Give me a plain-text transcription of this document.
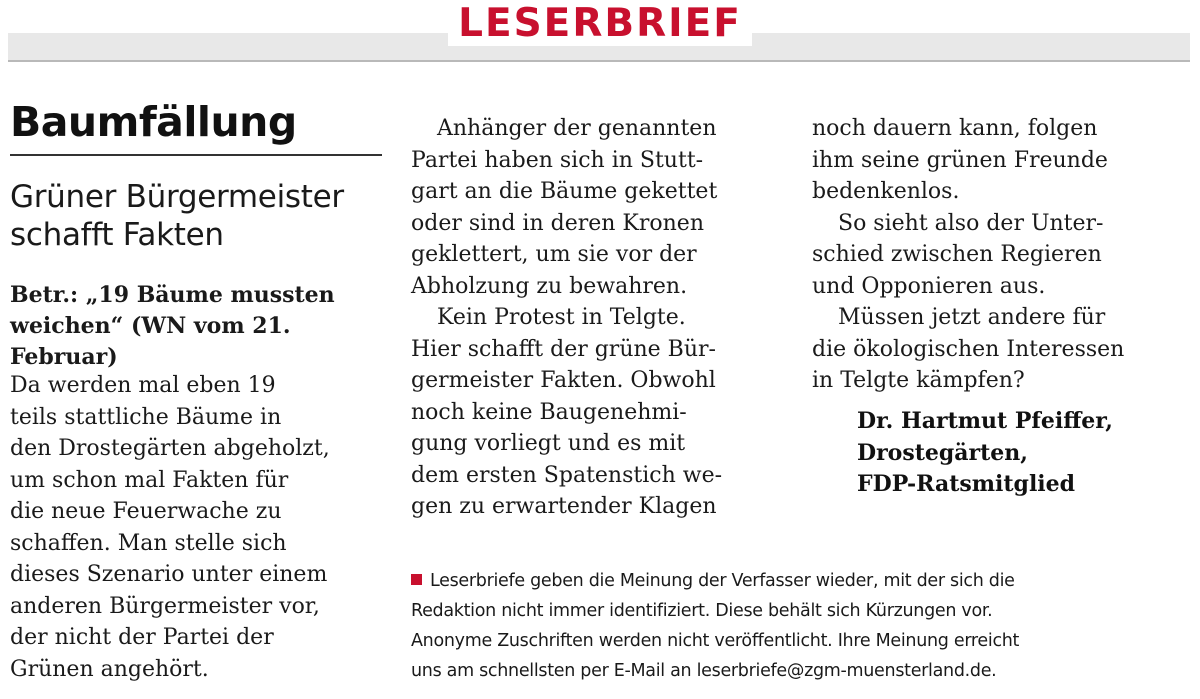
LESERBRIEF
Baumfällung
Grüner Bürgermeister
schafft Fakten
Betr.: „19 Bäume mussten
weichen“ (WN vom 21.
Februar)

Da werden mal eben 19
teils stattliche Bäume in
den Drostegärten abgeholzt,
um schon mal Fakten für
die neue Feuerwache zu
schaffen. Man stelle sich
dieses Szenario unter einem
anderen Bürgermeister vor,
der nicht der Partei der
Grünen angehört.

Anhänger der genannten
Partei haben sich in Stutt-
gart an die Bäume gekettet
oder sind in deren Kronen
geklettert, um sie vor der
Abholzung zu bewahren.

Kein Protest in Telgte.
Hier schafft der grüne Bür-
germeister Fakten. Obwohl
noch keine Baugenehmi-
gung vorliegt und es mit
dem ersten Spatenstich we-
gen zu erwartender Klagen

noch dauern kann, folgen
ihm seine grünen Freunde
bedenkenlos.

So sieht also der Unter-
schied zwischen Regieren
und Opponieren aus.

Müssen jetzt andere für
die ökologischen Interessen
in Telgte kämpfen?

Dr. Hartmut Pfeiffer,
Drostegärten,
FDP-Ratsmitglied
Leserbriefe geben die Meinung der Verfasser wieder, mit der sich die
Redaktion nicht immer identifiziert. Diese behält sich Kürzungen vor.
Anonyme Zuschriften werden nicht veröffentlicht. Ihre Meinung erreicht
uns am schnellsten per E-Mail an leserbriefe@zgm-muensterland.de.
